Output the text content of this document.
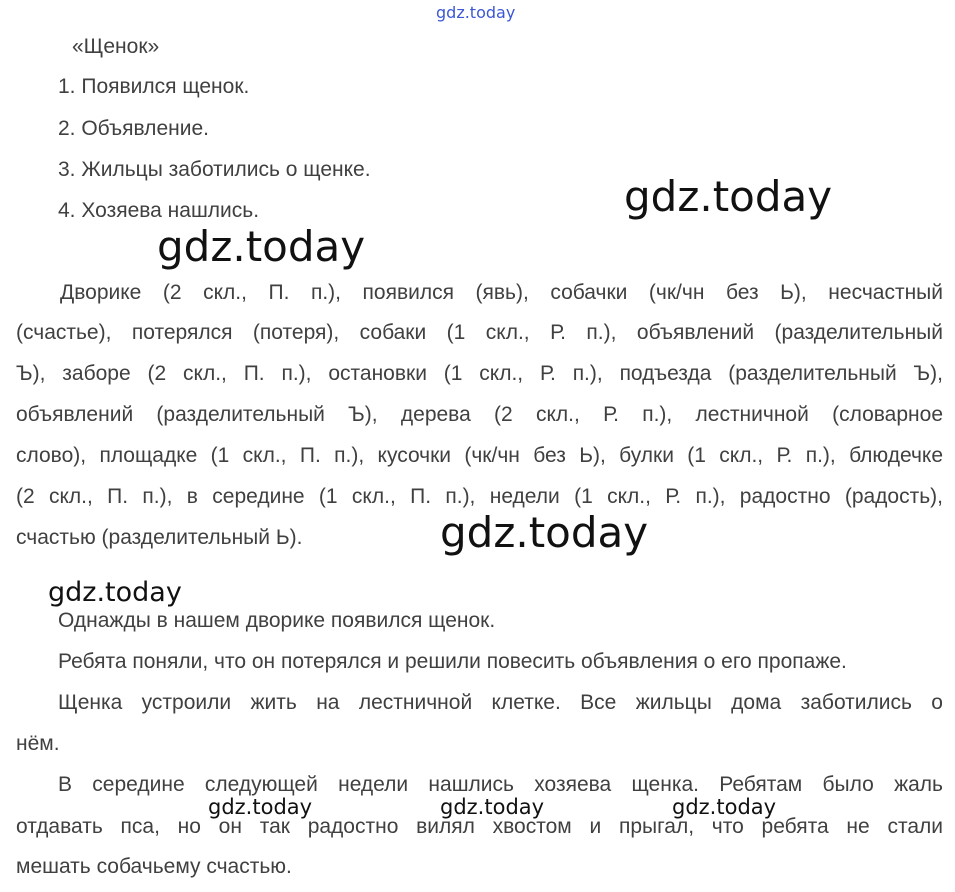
«Щенок»
1. Появился щенок.
2. Объявление.
3. Жильцы заботились о щенке.
4. Хозяева нашлись.
Дворике (2 скл., П. п.), появился (явь), собачки (чк/чн без Ь), несчастный
(счастье), потерялся (потеря), собаки (1 скл., Р. п.), объявлений (разделительный
Ъ), заборе (2 скл., П. п.), остановки (1 скл., Р. п.), подъезда (разделительный Ъ),
объявлений (разделительный Ъ), дерева (2 скл., Р. п.), лестничной (словарное
слово), площадке (1 скл., П. п.), кусочки (чк/чн без Ь), булки (1 скл., Р. п.), блюдечке
(2 скл., П. п.), в середине (1 скл., П. п.), недели (1 скл., Р. п.), радостно (радость),
счастью (разделительный Ь).
Однажды в нашем дворике появился щенок.
Ребята поняли, что он потерялся и решили повесить объявления о его пропаже.
Щенка устроили жить на лестничной клетке. Все жильцы дома заботились о
нём.
В середине следующей недели нашлись хозяева щенка. Ребятам было жаль
отдавать пса, но он так радостно вилял хвостом и прыгал, что ребята не стали
мешать собачьему счастью.
gdz.today
gdz.today
gdz.today
gdz.today
gdz.today
gdz.today	gdz.today	gdz.today
